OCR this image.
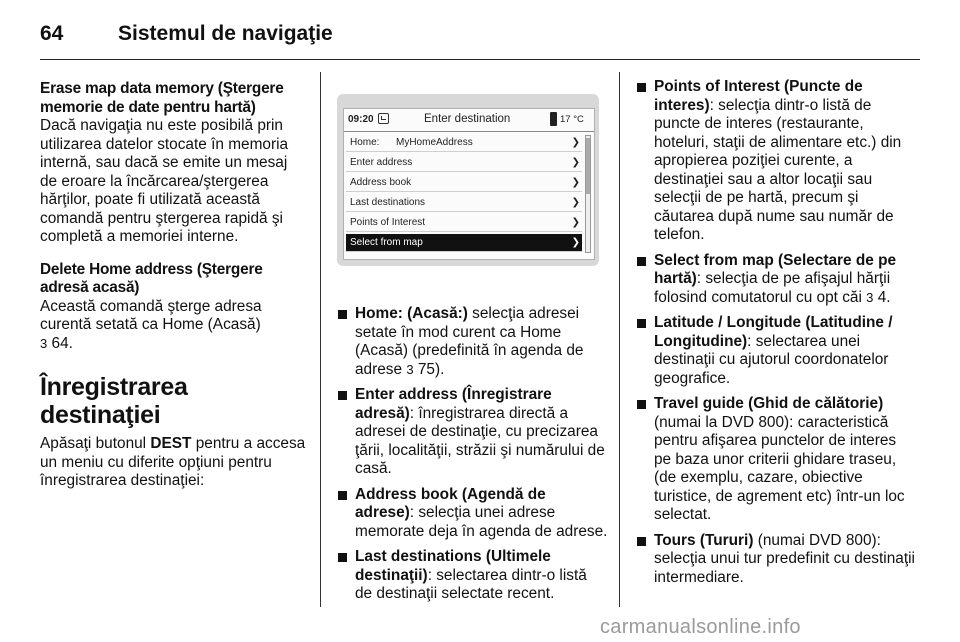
64	Sistemul de navigaţie
Erase map data memory (Ştergere memorie de date pentru hartă)

Dacă navigaţia nu este posibilă prin utilizarea datelor stocate în memoria internă, sau dacă se emite un mesaj de eroare la încărcarea/ştergerea hărţilor, poate fi utilizată această comandă pentru ştergerea rapidă şi completă a memoriei interne.

Delete Home address (Ştergere adresă acasă)

Această comandă şterge adresa curentă setată ca Home (Acasă)
3 64.

Înregistrarea destinaţiei

Apăsaţi butonul DEST pentru a accesa un meniu cu diferite opţiuni pentru înregistrarea destinaţiei:

09:20	Enter destination	17 °C
Home: MyHomeAddress	❯
Enter address	❯
Address book	❯
Last destinations	❯
Points of Interest	❯
Select from map	❯
Home: (Acasă:) selecţia adresei setate în mod curent ca Home (Acasă) (predefinită în agenda de adrese 3 75).
Enter address (Înregistrare adresă): înregistrarea directă a adresei de destinaţie, cu precizarea ţării, localităţii, străzii şi numărului de casă.
Address book (Agendă de adrese): selecţia unei adrese memorate deja în agenda de adrese.
Last destinations (Ultimele destinaţii): selectarea dintr-o listă de destinaţii selectate recent.
Points of Interest (Puncte de interes): selecţia dintr-o listă de puncte de interes (restaurante, hoteluri, staţii de alimentare etc.) din apropierea poziţiei curente, a destinaţiei sau a altor locaţii sau selecţii de pe hartă, precum şi căutarea după nume sau număr de telefon.
Select from map (Selectare de pe hartă): selecţia de pe afişajul hărţii folosind comutatorul cu opt căi 3 4.
Latitude / Longitude (Latitudine / Longitudine): selectarea unei destinaţii cu ajutorul coordonatelor geografice.
Travel guide (Ghid de călătorie) (numai la DVD 800): caracteristică pentru afişarea punctelor de interes pe baza unor criterii ghidare traseu, (de exemplu, cazare, obiective turistice, de agrement etc) într-un loc selectat.
Tours (Tururi) (numai DVD 800): selecţia unui tur predefinit cu destinaţii intermediare.
carmanualsonline.info
